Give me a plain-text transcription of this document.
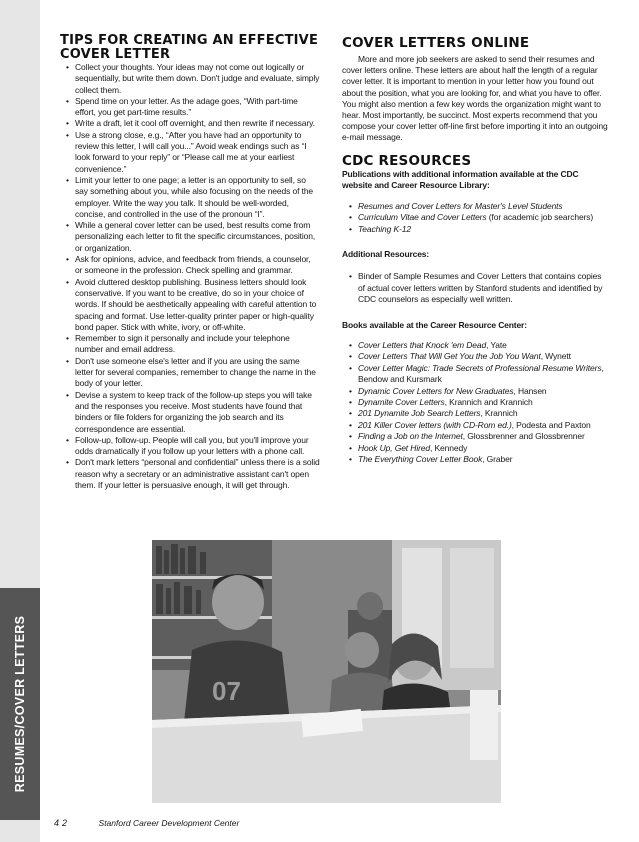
RESUMES/COVER LETTERS
TIPS FOR CREATING AN EFFECTIVE COVER LETTER
• Collect your thoughts. Your ideas may not come out logically or sequentially, but write them down. Don't judge and evaluate, simply collect them.
• Spend time on your letter. As the adage goes, “With part-time effort, you get part-time results.”
• Write a draft, let it cool off overnight, and then rewrite if necessary.
• Use a strong close, e.g., “After you have had an opportunity to review this letter, I will call you...” Avoid weak endings such as “I look forward to your reply” or “Please call me at your earliest convenience.”
• Limit your letter to one page; a letter is an opportunity to sell, so say something about you, while also focusing on the needs of the employer. Write the way you talk. It should be well-worded, concise, and controlled in the use of the pronoun “I”.
• While a general cover letter can be used, best results come from personalizing each letter to fit the specific circumstances, position, or organization.
• Ask for opinions, advice, and feedback from friends, a counselor, or someone in the profession. Check spelling and grammar.
• Avoid cluttered desktop publishing. Business letters should look conservative. If you want to be creative, do so in your choice of words. If should be aesthetically appealing with careful attention to spacing and format. Use letter-quality printer paper or high-quality bond paper. Stick with white, ivory, or off-white.
• Remember to sign it personally and include your telephone number and email address.
• Don't use someone else's letter and if you are using the same letter for several companies, remember to change the name in the body of your letter.
• Devise a system to keep track of the follow-up steps you will take and the responses you receive. Most students have found that binders or file folders for organizing the job search and its correspondence are essential.
• Follow-up, follow-up. People will call you, but you'll improve your odds dramatically if you follow up your letters with a phone call.
• Don't mark letters “personal and confidential” unless there is a solid reason why a secretary or an administrative assistant can't open them. If your letter is persuasive enough, it will get through.
COVER LETTERS ONLINE

More and more job seekers are asked to send their resumes and cover letters online. These letters are about half the length of a regular cover letter. It is important to mention in your letter how you found out about the position, what you are looking for, and what you have to offer. You might also mention a few key words the organization might want to hear. Most importantly, be succinct. Most experts recommend that you compose your cover letter off-line first before importing it into an outgoing e-mail message.

CDC RESOURCES

Publications with additional information available at the CDC website and Career Resource Library:

• Resumes and Cover Letters for Master's Level Students
• Curriculum Vitae and Cover Letters (for academic job searchers)
• Teaching K-12

Additional Resources:

• Binder of Sample Resumes and Cover Letters that contains copies of actual cover letters written by Stanford students and identified by CDC counselors as especially well written.

Books available at the Career Resource Center:

• Cover Letters that Knock 'em Dead, Yate
• Cover Letters That Will Get You the Job You Want, Wynett
• Cover Letter Magic: Trade Secrets of Professional Resume Writers, Bendow and Kursmark
• Dynamic Cover Letters for New Graduates, Hansen
• Dynamite Cover Letters, Krannich and Krannich
• 201 Dynamite Job Search Letters, Krannich
• 201 Killer Cover letters (with CD-Rom ed.), Podesta and Paxton
• Finding a Job on the Internet, Glossbrenner and Glossbrenner
• Hook Up, Get Hired, Kennedy
• The Everything Cover Letter Book, Graber
07
42	Stanford Career Development Center
